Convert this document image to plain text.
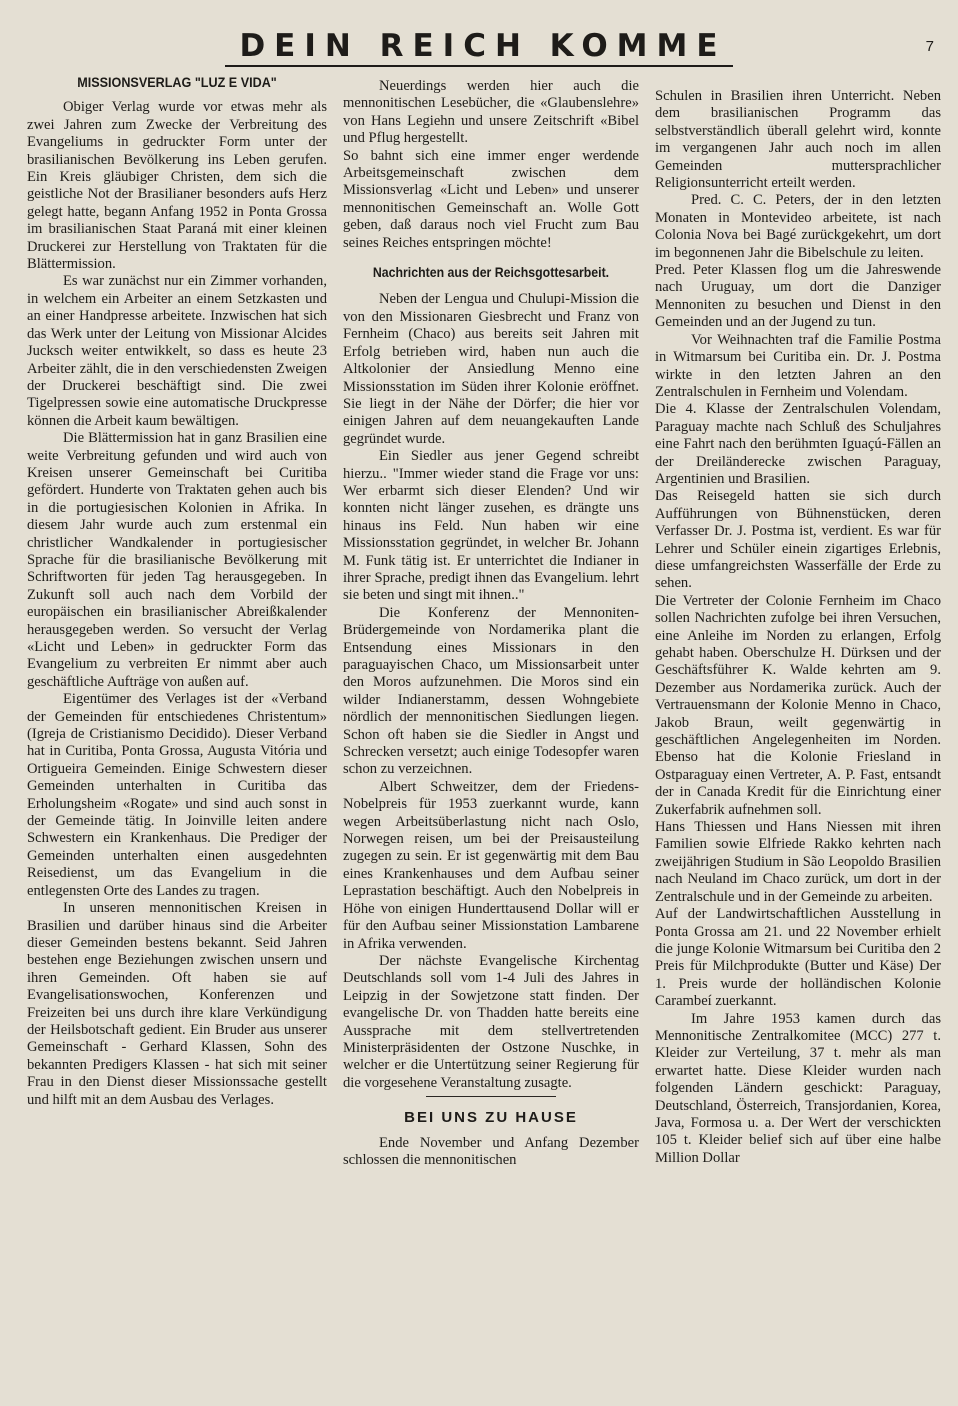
DEIN REICH KOMME	7
MISSIONSVERLAG "LUZ E VIDA"

Obiger Verlag wurde vor etwas mehr als zwei Jahren zum Zwecke der Verbreitung des Evangeliums in gedruckter Form unter der brasilianischen Bevölkerung ins Leben gerufen. Ein Kreis gläubiger Christen, dem sich die geistliche Not der Brasilianer besonders aufs Herz gelegt hatte, begann Anfang 1952 in Ponta Grossa im brasilianischen Staat Paraná mit einer kleinen Druckerei zur Herstellung von Traktaten für die Blättermission.

Es war zunächst nur ein Zimmer vorhanden, in welchem ein Arbeiter an einem Setzkasten und an einer Handpresse arbeitete. Inzwischen hat sich das Werk unter der Leitung von Missionar Alcides Jucksch weiter entwikkelt, so dass es heute 23 Arbeiter zählt, die in den verschiedensten Zweigen der Druckerei beschäftigt sind. Die zwei Tigelpressen sowie eine automatische Druckpresse können die Arbeit kaum bewältigen.

Die Blättermission hat in ganz Brasilien eine weite Verbreitung gefunden und wird auch von Kreisen unserer Gemeinschaft bei Curitiba gefördert. Hunderte von Traktaten gehen auch bis in die portugiesischen Kolonien in Afrika. In diesem Jahr wurde auch zum erstenmal ein christlicher Wandkalender in portugiesischer Sprache für die brasilianische Bevölkerung mit Schriftworten für jeden Tag herausgegeben. In Zukunft soll auch nach dem Vorbild der europäischen ein brasilianischer Abreißkalender herausgegeben werden. So versucht der Verlag «Licht und Leben» in gedruckter Form das Evangelium zu verbreiten Er nimmt aber auch geschäftliche Aufträge von außen auf.

Eigentümer des Verlages ist der «Verband der Gemeinden für entschiedenes Christentum» (Igreja de Cristianismo Decidido). Dieser Verband hat in Curitiba, Ponta Grossa, Augusta Vitória und Ortigueira Gemeinden. Einige Schwestern dieser Gemeinden unterhalten in Curitiba das Erholungsheim «Rogate» und sind auch sonst in der Gemeinde tätig. In Joinville leiten andere Schwestern ein Krankenhaus. Die Prediger der Gemeinden unterhalten einen ausgedehnten Reisedienst, um das Evangelium in die entlegensten Orte des Landes zu tragen.

In unseren mennonitischen Kreisen in Brasilien und darüber hinaus sind die Arbeiter dieser Gemeinden bestens bekannt. Seid Jahren bestehen enge Beziehungen zwischen unsern und ihren Gemeinden. Oft haben sie auf Evangelisationswochen, Konferenzen und Freizeiten bei uns durch ihre klare Verkündigung der Heilsbotschaft gedient. Ein Bruder aus unserer Gemeinschaft - Gerhard Klassen, Sohn des bekannten Predigers Klassen - hat sich mit seiner Frau in den Dienst dieser Missionssache gestellt und hilft mit an dem Ausbau des Verlages.

Neuerdings werden hier auch die mennonitischen Lesebücher, die «Glaubenslehre» von Hans Legiehn und unsere Zeitschrift «Bibel und Pflug hergestellt.

So bahnt sich eine immer enger werdende Arbeitsgemeinschaft zwischen dem Missionsverlag «Licht und Leben» und unserer mennonitischen Gemeinschaft an. Wolle Gott geben, daß daraus noch viel Frucht zum Bau seines Reiches entspringen möchte!

Nachrichten aus der Reichsgottesarbeit.

Neben der Lengua und Chulupi-Mission die von den Missionaren Giesbrecht und Franz von Fernheim (Chaco) aus bereits seit Jahren mit Erfolg betrieben wird, haben nun auch die Altkolonier der Ansiedlung Menno eine Missionsstation im Süden ihrer Kolonie eröffnet. Sie liegt in der Nähe der Dörfer; die hier vor einigen Jahren auf dem neuangekauften Lande gegründet wurde.

Ein Siedler aus jener Gegend schreibt hierzu.. "Immer wieder stand die Frage vor uns: Wer erbarmt sich dieser Elenden? Und wir konnten nicht länger zusehen, es drängte uns hinaus ins Feld. Nun haben wir eine Missionsstation gegründet, in welcher Br. Johann M. Funk tätig ist. Er unterrichtet die Indianer in ihrer Sprache, predigt ihnen das Evangelium. lehrt sie beten und singt mit ihnen.."

Die Konferenz der Mennoniten-Brüdergemeinde von Nordamerika plant die Entsendung eines Missionars in den paraguayischen Chaco, um Missionsarbeit unter den Moros aufzunehmen. Die Moros sind ein wilder Indianerstamm, dessen Wohngebiete nördlich der mennonitischen Siedlungen liegen. Schon oft haben sie die Siedler in Angst und Schrecken versetzt; auch einige Todesopfer waren schon zu verzeichnen.

Albert Schweitzer, dem der Friedens-Nobelpreis für 1953 zuerkannt wurde, kann wegen Arbeitsüberlastung nicht nach Oslo, Norwegen reisen, um bei der Preisausteilung zugegen zu sein. Er ist gegenwärtig mit dem Bau eines Krankenhauses und dem Aufbau seiner Leprastation beschäftigt. Auch den Nobelpreis in Höhe von einigen Hunderttausend Dollar will er für den Aufbau seiner Missionstation Lambarene in Afrika verwenden.

Der nächste Evangelische Kirchentag Deutschlands soll vom 1-4 Juli des Jahres in Leipzig in der Sowjetzone statt finden. Der evangelische Dr. von Thadden hatte bereits eine Aussprache mit dem stellvertretenden Ministerpräsidenten der Ostzone Nuschke, in welcher er die Untertützung seiner Regierung für die vorgesehene Veranstaltung zusagte.

BEI UNS ZU HAUSE

Ende November und Anfang Dezember schlossen die mennonitischen

Schulen in Brasilien ihren Unterricht. Neben dem brasilianischen Programm das selbstverständlich überall gelehrt wird, konnte im vergangenen Jahr auch noch im allen Gemeinden muttersprachlicher Religionsunterricht erteilt werden.

Pred. C. C. Peters, der in den letzten Monaten in Montevideo arbeitete, ist nach Colonia Nova bei Bagé zurückgekehrt, um dort im begonnenen Jahr die Bibelschule zu leiten.

Pred. Peter Klassen flog um die Jahreswende nach Uruguay, um dort die Danziger Mennoniten zu besuchen und Dienst in den Gemeinden und an der Jugend zu tun.

Vor Weihnachten traf die Familie Postma in Witmarsum bei Curitiba ein. Dr. J. Postma wirkte in den letzten Jahren an den Zentralschulen in Fernheim und Volendam.

Die 4. Klasse der Zentralschulen Volendam, Paraguay machte nach Schluß des Schuljahres eine Fahrt nach den berühmten Iguaçú-Fällen an der Dreiländerecke zwischen Paraguay, Argentinien und Brasilien.

Das Reisegeld hatten sie sich durch Aufführungen von Bühnenstücken, deren Verfasser Dr. J. Postma ist, verdient. Es war für Lehrer und Schüler einein zigartiges Erlebnis, diese umfangreichsten Wasserfälle der Erde zu sehen.

Die Vertreter der Colonie Fernheim im Chaco sollen Nachrichten zufolge bei ihren Versuchen, eine Anleihe im Norden zu erlangen, Erfolg gehabt haben. Oberschulze H. Dürksen und der Geschäftsführer K. Walde kehrten am 9. Dezember aus Nordamerika zurück. Auch der Vertrauensmann der Kolonie Menno in Chaco, Jakob Braun, weilt gegenwärtig in geschäftlichen Angelegenheiten im Norden. Ebenso hat die Kolonie Friesland in Ostparaguay einen Vertreter, A. P. Fast, entsandt der in Canada Kredit für die Einrichtung einer Zukerfabrik aufnehmen soll.

Hans Thiessen und Hans Niessen mit ihren Familien sowie Elfriede Rakko kehrten nach zweijährigen Studium in São Leopoldo Brasilien nach Neuland im Chaco zurück, um dort in der Zentralschule und in der Gemeinde zu arbeiten.

Auf der Landwirtschaftlichen Ausstellung in Ponta Grossa am 21. und 22 November erhielt die junge Kolonie Witmarsum bei Curitiba den 2 Preis für Milchprodukte (Butter und Käse) Der 1. Preis wurde der holländischen Kolonie Carambeí zuerkannt.

Im Jahre 1953 kamen durch das Mennonitische Zentralkomitee (MCC) 277 t. Kleider zur Verteilung, 37 t. mehr als man erwartet hatte. Diese Kleider wurden nach folgenden Ländern geschickt: Paraguay, Deutschland, Österreich, Transjordanien, Korea, Java, Formosa u. a. Der Wert der verschickten 105 t. Kleider belief sich auf über eine halbe Million Dollar
